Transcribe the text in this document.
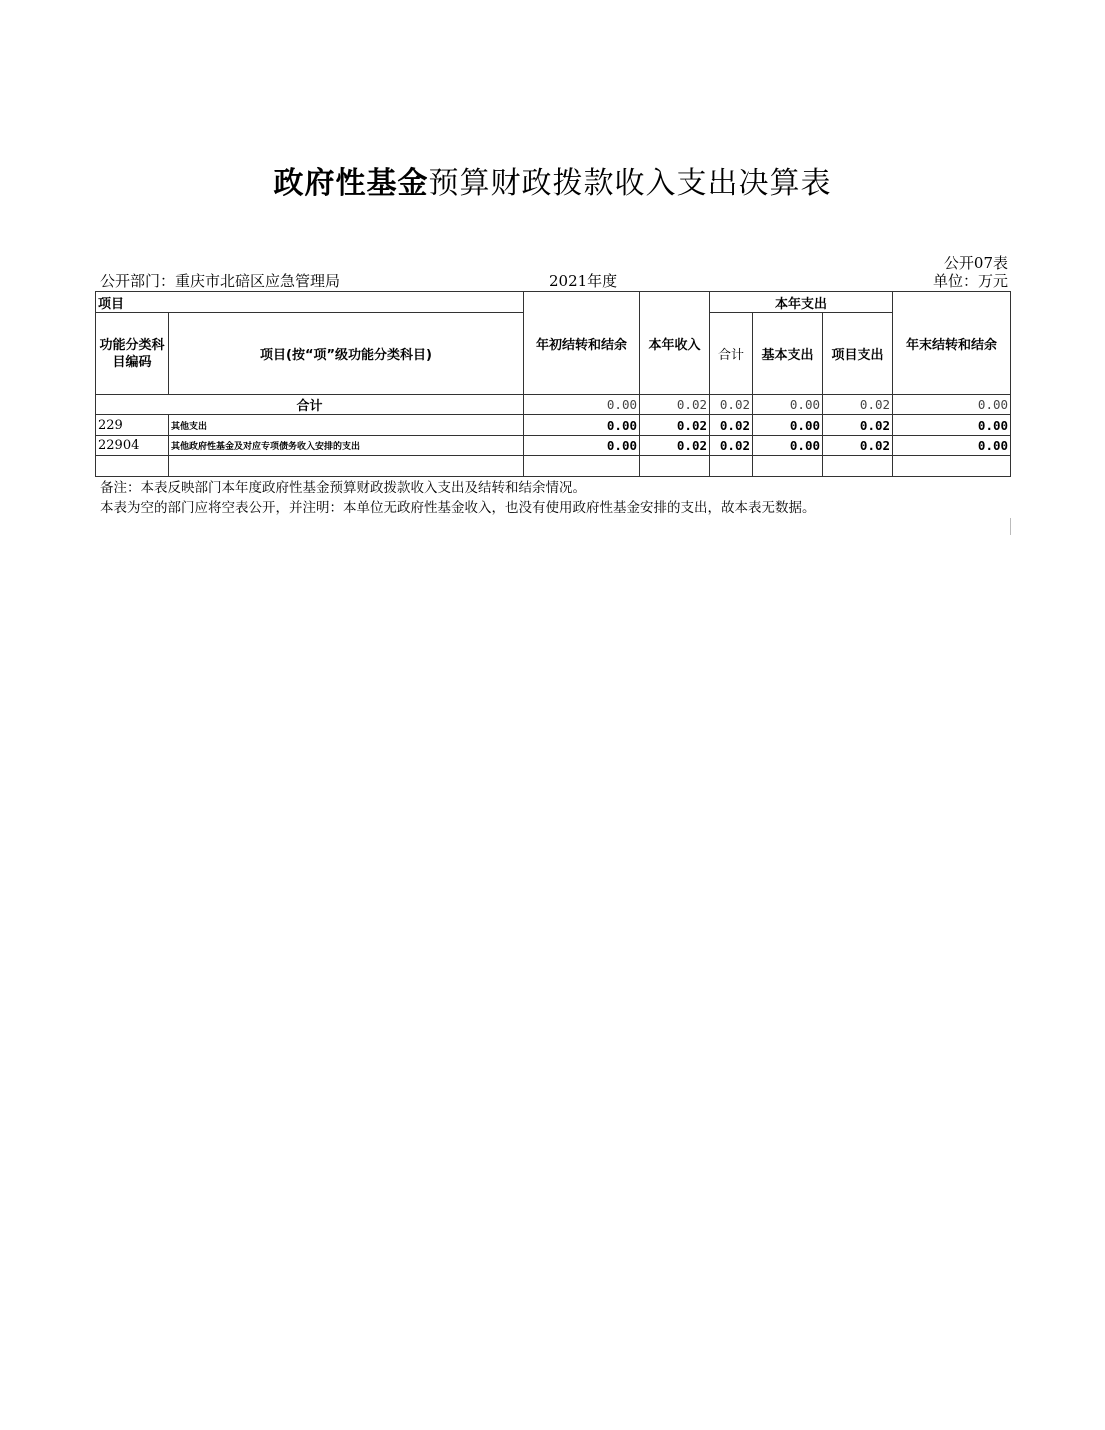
政府性基金预算财政拨款收入支出决算表
公开07表
公开部门：重庆市北碚区应急管理局	2021年度	单位：万元
项目		年初结转和结余	本年收入	本年支出			年末结转和结余
功能分类科目编码	项目(按“项”级功能分类科目)			合计	基本支出	项目支出	
合计		0.00	0.02	0.02	0.00	0.02	0.00
229	其他支出	0.00	0.02	0.02	0.00	0.02	0.00
22904	其他政府性基金及对应专项债务收入安排的支出	0.00	0.02	0.02	0.00	0.02	0.00

备注：本表反映部门本年度政府性基金预算财政拨款收入支出及结转和结余情况。
本表为空的部门应将空表公开，并注明：本单位无政府性基金收入，也没有使用政府性基金安排的支出，故本表无数据。
